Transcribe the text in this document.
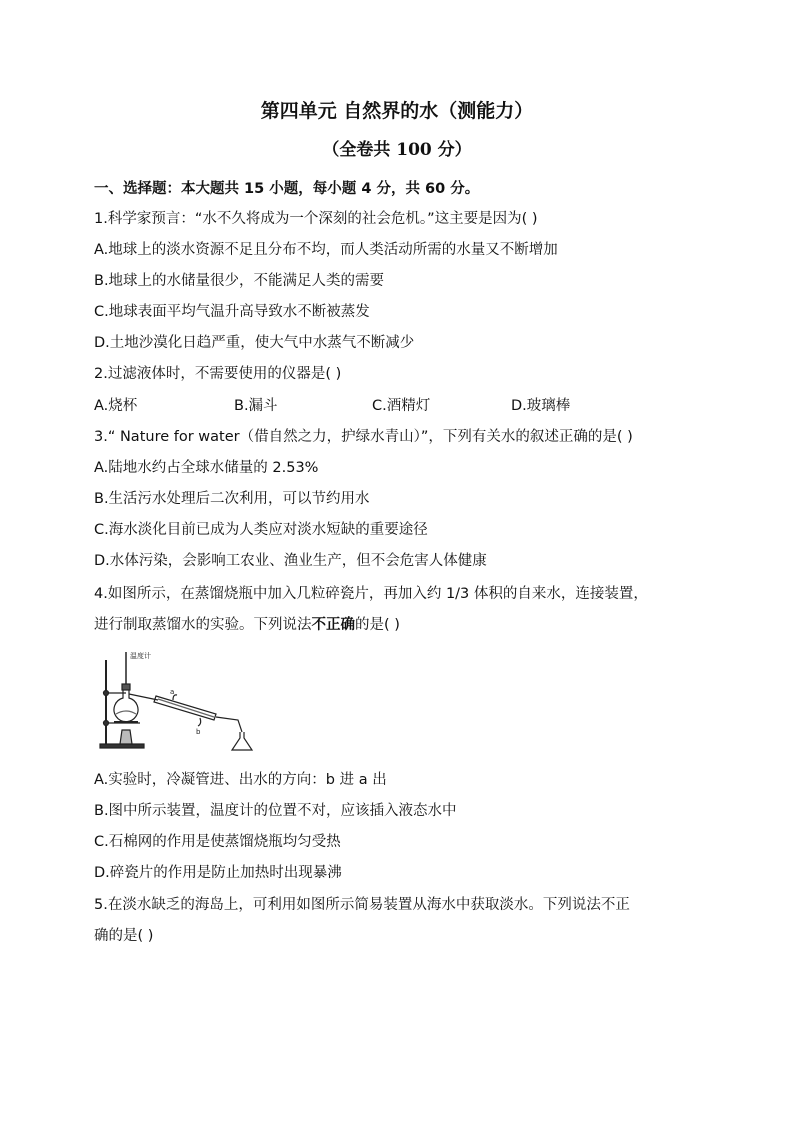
第四单元 自然界的水（测能力）
（全卷共 100 分）
一、选择题：本大题共 15 小题，每小题 4 分，共 60 分。
1.科学家预言：“水不久将成为一个深刻的社会危机。”这主要是因为( )
A.地球上的淡水资源不足且分布不均，而人类活动所需的水量又不断增加
B.地球上的水储量很少，不能满足人类的需要
C.地球表面平均气温升高导致水不断被蒸发
D.土地沙漠化日趋严重，使大气中水蒸气不断减少
2.过滤液体时，不需要使用的仪器是( )
A.烧杯	B.漏斗	C.酒精灯	D.玻璃棒
3.“ Nature for water（借自然之力，护绿水青山）”，下列有关水的叙述正确的是( )
A.陆地水约占全球水储量的 2.53%
B.生活污水处理后二次利用，可以节约用水
C.海水淡化目前已成为人类应对淡水短缺的重要途径
D.水体污染，会影响工农业、渔业生产，但不会危害人体健康
4.如图所示，在蒸馏烧瓶中加入几粒碎瓷片，再加入约 1/3 体积的自来水，连接装置，
进行制取蒸馏水的实验。下列说法不正确的是( )
温度计
a
b
A.实验时，冷凝管进、出水的方向：b 进 a 出
B.图中所示装置，温度计的位置不对，应该插入液态水中
C.石棉网的作用是使蒸馏烧瓶均匀受热
D.碎瓷片的作用是防止加热时出现暴沸
5.在淡水缺乏的海岛上，可利用如图所示简易装置从海水中获取淡水。下列说法不正
确的是( )
